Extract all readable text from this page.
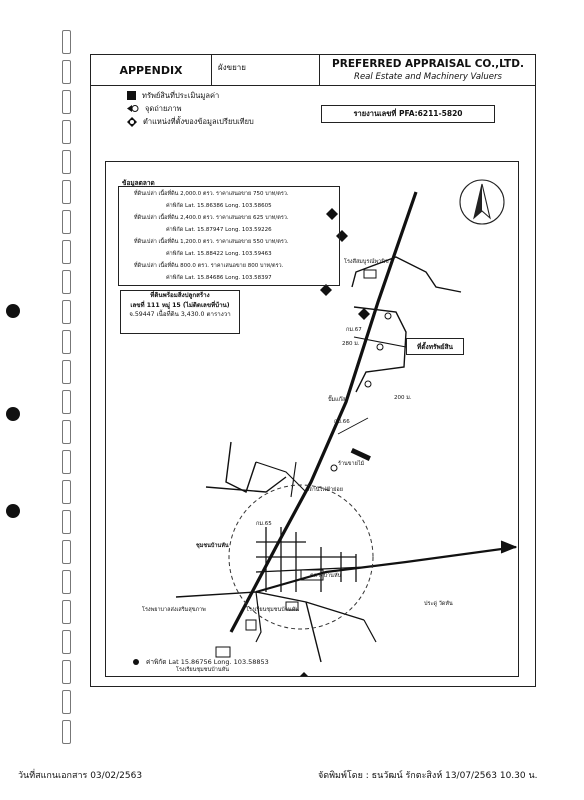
APPENDIX	ผังขยาย	PREFERRED APPRAISAL CO.,LTD.
Real Estate and Machinery Valuers
ทรัพย์สินที่ประเมินมูลค่า
จุดถ่ายภาพ
ตำแหน่งที่ตั้งของข้อมูลเปรียบเทียบ
รายงานเลขที่ PFA:6211-5820
ข้อมูลตลาด
ที่ดินเปล่า เนื้อที่ดิน 2,000.0 ตรว. ราคาเสนอขาย 750 บาท/ตรว.
ค่าพิกัด Lat. 15.86386 Long. 103.58605
ที่ดินเปล่า เนื้อที่ดิน 2,400.0 ตรว. ราคาเสนอขาย 625 บาท/ตรว.
ค่าพิกัด Lat. 15.87947 Long. 103.59226
ที่ดินเปล่า เนื้อที่ดิน 1,200.0 ตรว. ราคาเสนอขาย 550 บาท/ตรว.
ค่าพิกัด Lat. 15.88422 Long. 103.59463
ที่ดินเปล่า เนื้อที่ดิน 800.0 ตรว. ราคาเสนอขาย 800 บาท/ตรว.
ค่าพิกัด Lat. 15.84686 Long. 103.58397
ที่ดินพร้อมสิ่งปลูกสร้าง
เลขที่ 111 หมู่ 15 (ไม่ติดเลขที่บ้าน)
จ.59447 เนื้อที่ดิน 3,430.0 ตารางวา
ที่ตั้งทรัพย์สิน
โรงสีสมบูรณ์พานิช
กม.67
280 ม.
200 ม.
ปั๊มแก๊ส
กม.66
ร้านขายไม้
สถานีไฟฟ้าย่อย
กม.65
ชุมชนบ้านหัน
ตลาดบ้านหัน
ประดู่ วัดหัน
โรงพยาบาลส่งเสริมสุขภาพ
โรงเรียนชุมชนบ้านหัน
โรงเรียนชุมชนบ้านหัน
ค่าพิกัด Lat 15.86756 Long. 103.58853
วันที่สแกนเอกสาร 03/02/2563	จัดพิมพ์โดย : ธนวัฒน์ รักตะสิงห์ 13/07/2563 10.30 น.
